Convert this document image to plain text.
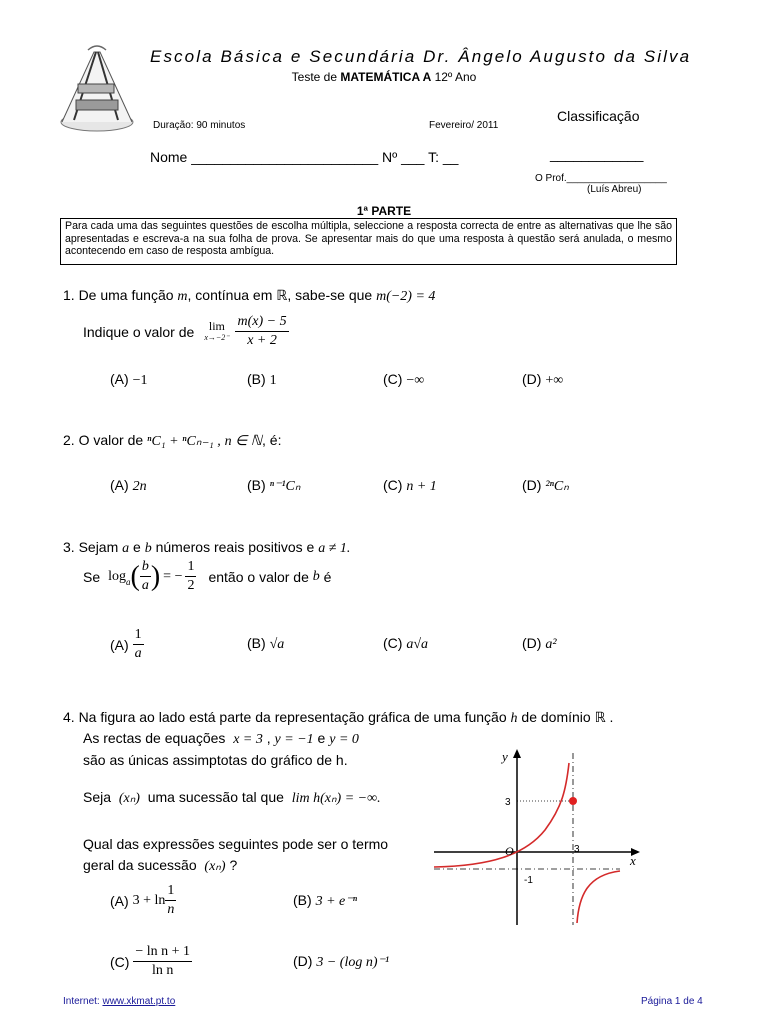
Escola Básica e Secundária Dr. Ângelo Augusto da Silva
Teste de MATEMÁTICA A 12º Ano
Duração: 90 minutos	Fevereiro/ 2011
Classificação
Nome ________________________ Nº ___ T: __	____________
O Prof.__________________
(Luís Abreu)
1ª PARTE
Para cada uma das seguintes questões de escolha múltipla, seleccione a resposta correcta de entre as alternativas que lhe são apresentadas e escreva-a na sua folha de prova. Se apresentar mais do que uma resposta à questão será anulada, o mesmo acontecendo em caso de resposta ambígua.
1. De uma função m, contínua em ℝ, sabe-se que m(−2) = 4
Indique o valor de	lim
$x\to-2^- \frac{m(x) - 5}{x + 2}$
(A) −1	(B) 1	(C) −∞	(D) +∞
2. O valor de ⁿC₁ + ⁿCₙ₋₁ , n ∈ ℕ, é:
(A) 2n	(B) ⁿ⁻¹Cₙ	(C) n + 1	(D) ²ⁿCₙ
3. Sejam a e b números reais positivos e a ≠ 1.
Se log a ( $\frac{b}{a}$ ) = − $\frac{1}{2}$ então o valor de
b
é
(A)
$\frac{1}{a}$	(B) √a	(C) a√a	(D) a²
4. Na figura ao lado está parte da representação gráfica de uma função h de domínio ℝ .
As rectas de equações x = 3 , y = −1 e y = 0
são as únicas assimptotas do gráfico de h.
Seja (xₙ) uma sucessão tal que lim h(xₙ) = −∞.
Qual das expressões seguintes pode ser o termo
geral da sucessão (xₙ) ?
(A)
$3 + \ln \frac{1}{n}$	(B) 3 + e⁻ⁿ
(C)
$\frac{\text{− ln n + 1}}{\text{ln n}}$	(D) 3 − (log n)⁻¹
y
x
O
3
3
-1
Internet: www.xkmat.pt.to	Página 1 de 4
